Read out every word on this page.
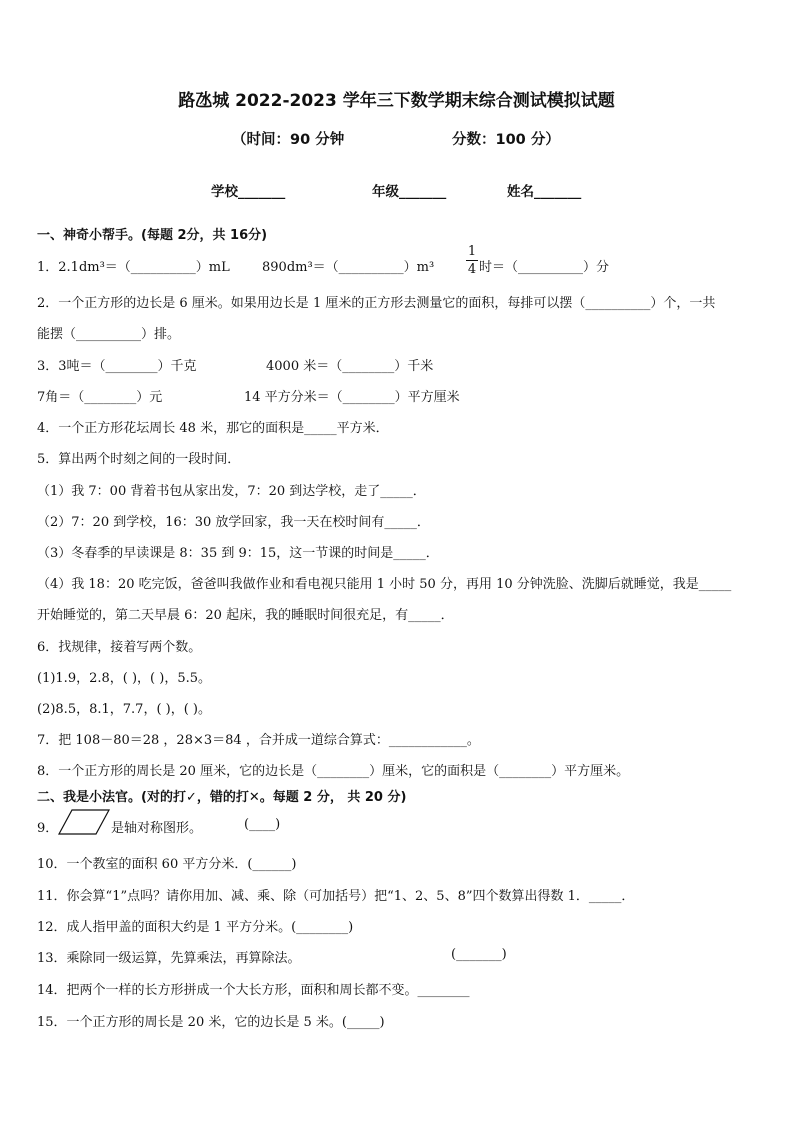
路氹城 2022-2023 学年三下数学期末综合测试模拟试题
（时间：90 分钟	分数：100 分）
学校_______	年级_______	姓名_______
一、神奇小帮手。(每题 2分，共 16分)
1．2.1dm³＝（__________）mL 890dm³＝（__________）m³
1
4 时＝（__________）分
2．一个正方形的边长是 6 厘米。如果用边长是 1 厘米的正方形去测量它的面积，每排可以摆（__________）个，一共
能摆（__________）排。
3．3吨＝（________）千克	4000 米＝（________）千米
7角＝（________）元	14 平方分米＝（________）平方厘米
4．一个正方形花坛周长 48 米，那它的面积是_____平方米．
5．算出两个时刻之间的一段时间．
（1）我 7：00 背着书包从家出发，7：20 到达学校，走了_____．
（2）7：20 到学校，16：30 放学回家，我一天在校时间有_____．
（3）冬春季的早读课是 8：35 到 9：15，这一节课的时间是_____．
（4）我 18：20 吃完饭，爸爸叫我做作业和看电视只能用 1 小时 50 分，再用 10 分钟洗脸、洗脚后就睡觉，我是_____
开始睡觉的，第二天早晨 6：20 起床，我的睡眠时间很充足，有_____．
6．找规律，接着写两个数。
(1)1.9，2.8，( )，( )，5.5。
(2)8.5，8.1，7.7，( )，( )。
7．把 108－80＝28 ，28×3＝84 ，合并成一道综合算式：____________。
8．一个正方形的周长是 20 厘米，它的边长是（________）厘米，它的面积是（________）平方厘米。
二、我是小法官。(对的打✓，错的打✕。每题 2 分， 共 20 分)
9．	是轴对称图形。	(____)
10．一个教室的面积 60 平方分米．(______)
11．你会算“1”点吗？请你用加、减、乘、除（可加括号）把“1、2、5、8”四个数算出得数 1．_____．
12．成人指甲盖的面积大约是 1 平方分米。(________)
13．乘除同一级运算，先算乘法，再算除法。	(_______)
14．把两个一样的长方形拼成一个大长方形，面积和周长都不变。________
15．一个正方形的周长是 20 米，它的边长是 5 米。(_____)
